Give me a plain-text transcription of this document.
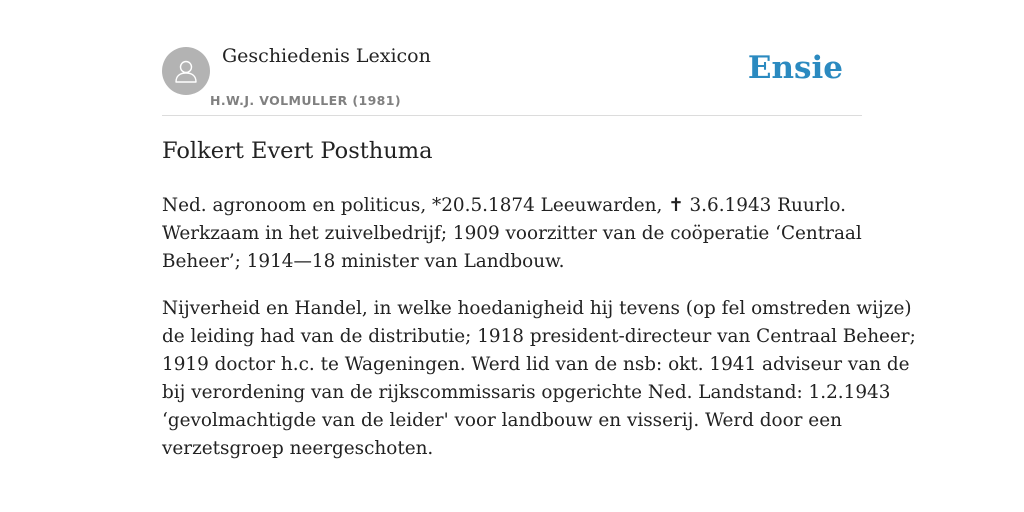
Geschiedenis Lexicon
H.W.J. VOLMULLER (1981)
Ensie
Folkert Evert Posthuma

Ned. agronoom en politicus, *20.5.1874 Leeuwarden, ✝ 3.6.1943 Ruurlo.
Werkzaam in het zuivelbedrijf; 1909 voorzitter van de coöperatie ‘Centraal
Beheer’; 1914—18 minister van Landbouw.

Nijverheid en Handel, in welke hoedanigheid hij tevens (op fel omstreden wijze)
de leiding had van de distributie; 1918 president-directeur van Centraal Beheer;
1919 doctor h.c. te Wageningen. Werd lid van de nsb: okt. 1941 adviseur van de
bij verordening van de rijkscommissaris opgerichte Ned. Landstand: 1.2.1943
‘gevolmachtigde van de leider' voor landbouw en visserij. Werd door een
verzetsgroep neergeschoten.
